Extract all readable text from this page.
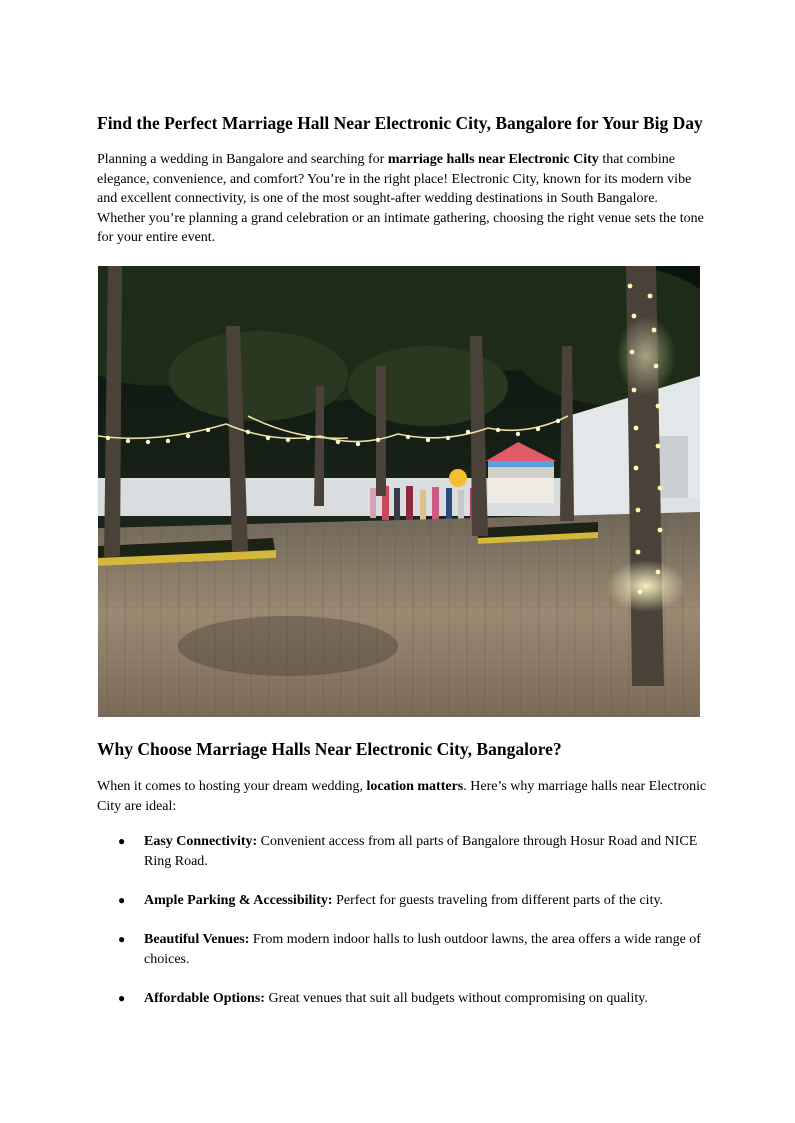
Find the Perfect Marriage Hall Near Electronic City, Bangalore for Your Big Day

Planning a wedding in Bangalore and searching for marriage halls near Electronic City that combine elegance, convenience, and comfort? You’re in the right place! Electronic City, known for its modern vibe and excellent connectivity, is one of the most sought-after wedding destinations in South Bangalore. Whether you’re planning a grand celebration or an intimate gathering, choosing the right venue sets the tone for your entire event.

Why Choose Marriage Halls Near Electronic City, Bangalore?

When it comes to hosting your dream wedding, location matters. Here’s why marriage halls near Electronic City are ideal:

● Easy Connectivity: Convenient access from all parts of Bangalore through Hosur Road and NICE Ring Road.
● Ample Parking & Accessibility: Perfect for guests traveling from different parts of the city.
● Beautiful Venues: From modern indoor halls to lush outdoor lawns, the area offers a wide range of choices.
● Affordable Options: Great venues that suit all budgets without compromising on quality.
